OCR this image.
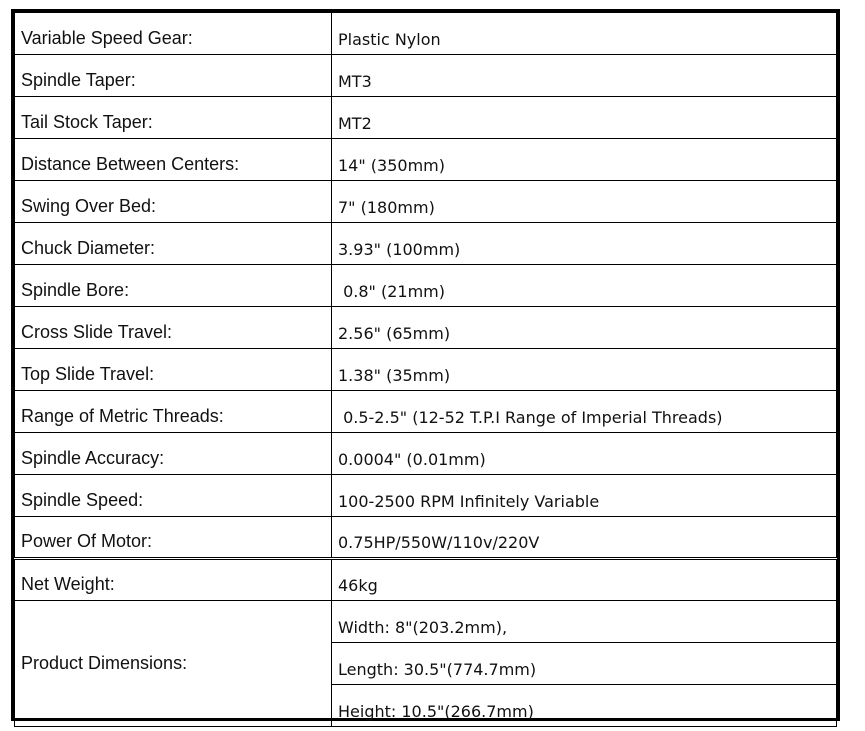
Variable Speed Gear:	Plastic Nylon
Spindle Taper:	MT3
Tail Stock Taper:	MT2
Distance Between Centers:	14" (350mm)
Swing Over Bed:	7" (180mm)
Chuck Diameter:	3.93" (100mm)
Spindle Bore:	0.8" (21mm)
Cross Slide Travel:	2.56" (65mm)
Top Slide Travel:	1.38" (35mm)
Range of Metric Threads:	0.5-2.5" (12-52 T.P.I Range of Imperial Threads)
Spindle Accuracy:	0.0004" (0.01mm)
Spindle Speed:	100-2500 RPM Infinitely Variable
Power Of Motor:	0.75HP/550W/110v/220V
Net Weight:	46kg
Product Dimensions:	Width: 8"(203.2mm),
	Length: 30.5"(774.7mm)
	Height: 10.5"(266.7mm)
